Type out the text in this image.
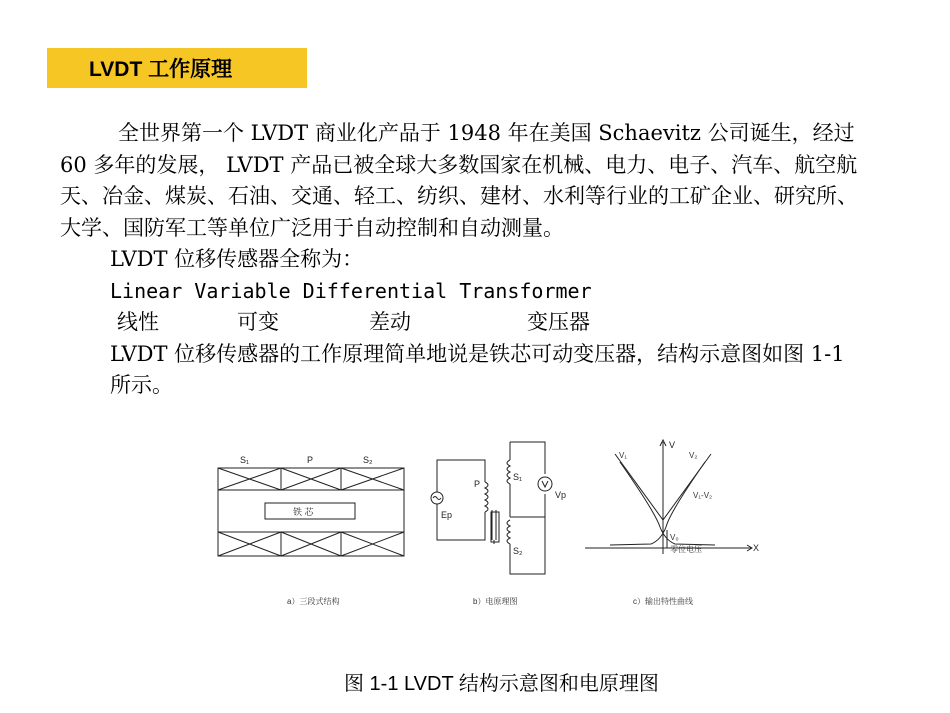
LVDT 工作原理

全世界第一个 LVDT 商业化产品于 1948 年在美国 Schaevitz 公司诞生，经过 60 多年的发展， LVDT 产品已被全球大多数国家在机械、电力、电子、汽车、航空航天、冶金、煤炭、石油、交通、轻工、纺织、建材、水利等行业的工矿企业、研究所、大学、国防军工等单位广泛用于自动控制和自动测量。

LVDT 位移传感器全称为：

Linear Variable Differential Transformer

线性	可变	差动	变压器

LVDT 位移传感器的工作原理简单地说是铁芯可动变压器，结构示意图如图 1-1 所示。

S₁	P	S₂
铁 芯
a）三段式结构
Ep
P
S₁
S₂
Vp
b）电原理图
V
X
V₁	V₂
V₁-V₂
V₀
零位电压
c）输出特性曲线
图 1-1 LVDT 结构示意图和电原理图
